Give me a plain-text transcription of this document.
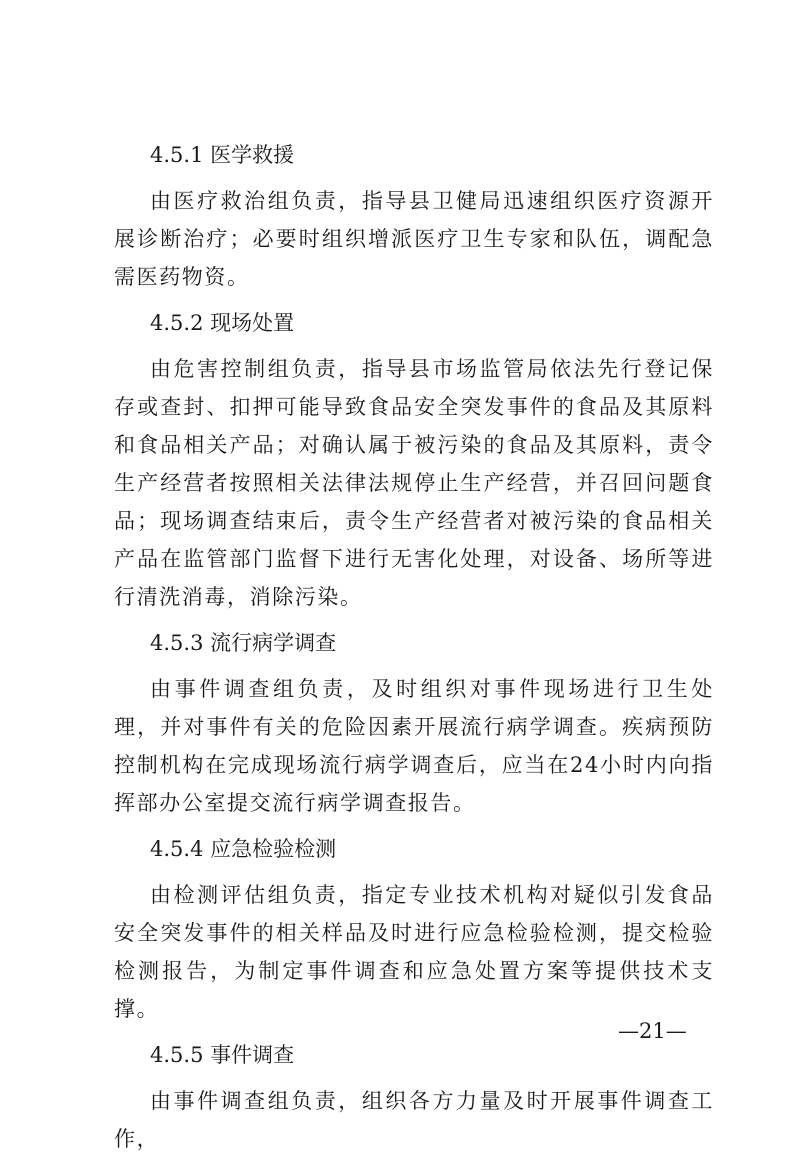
4.5.1 医学救援

由医疗救治组负责，指导县卫健局迅速组织医疗资源开展诊断治疗；必要时组织增派医疗卫生专家和队伍，调配急需医药物资。

4.5.2 现场处置

由危害控制组负责，指导县市场监管局依法先行登记保存或查封、扣押可能导致食品安全突发事件的食品及其原料和食品相关产品；对确认属于被污染的食品及其原料，责令生产经营者按照相关法律法规停止生产经营，并召回问题食品；现场调查结束后，责令生产经营者对被污染的食品相关产品在监管部门监督下进行无害化处理，对设备、场所等进行清洗消毒，消除污染。

4.5.3 流行病学调查

由事件调查组负责，及时组织对事件现场进行卫生处理，并对事件有关的危险因素开展流行病学调查。疾病预防控制机构在完成现场流行病学调查后，应当在24小时内向指挥部办公室提交流行病学调查报告。

4.5.4 应急检验检测

由检测评估组负责，指定专业技术机构对疑似引发食品安全突发事件的相关样品及时进行应急检验检测，提交检验检测报告，为制定事件调查和应急处置方案等提供技术支撑。

4.5.5 事件调查

由事件调查组负责，组织各方力量及时开展事件调查工作，

—21—
